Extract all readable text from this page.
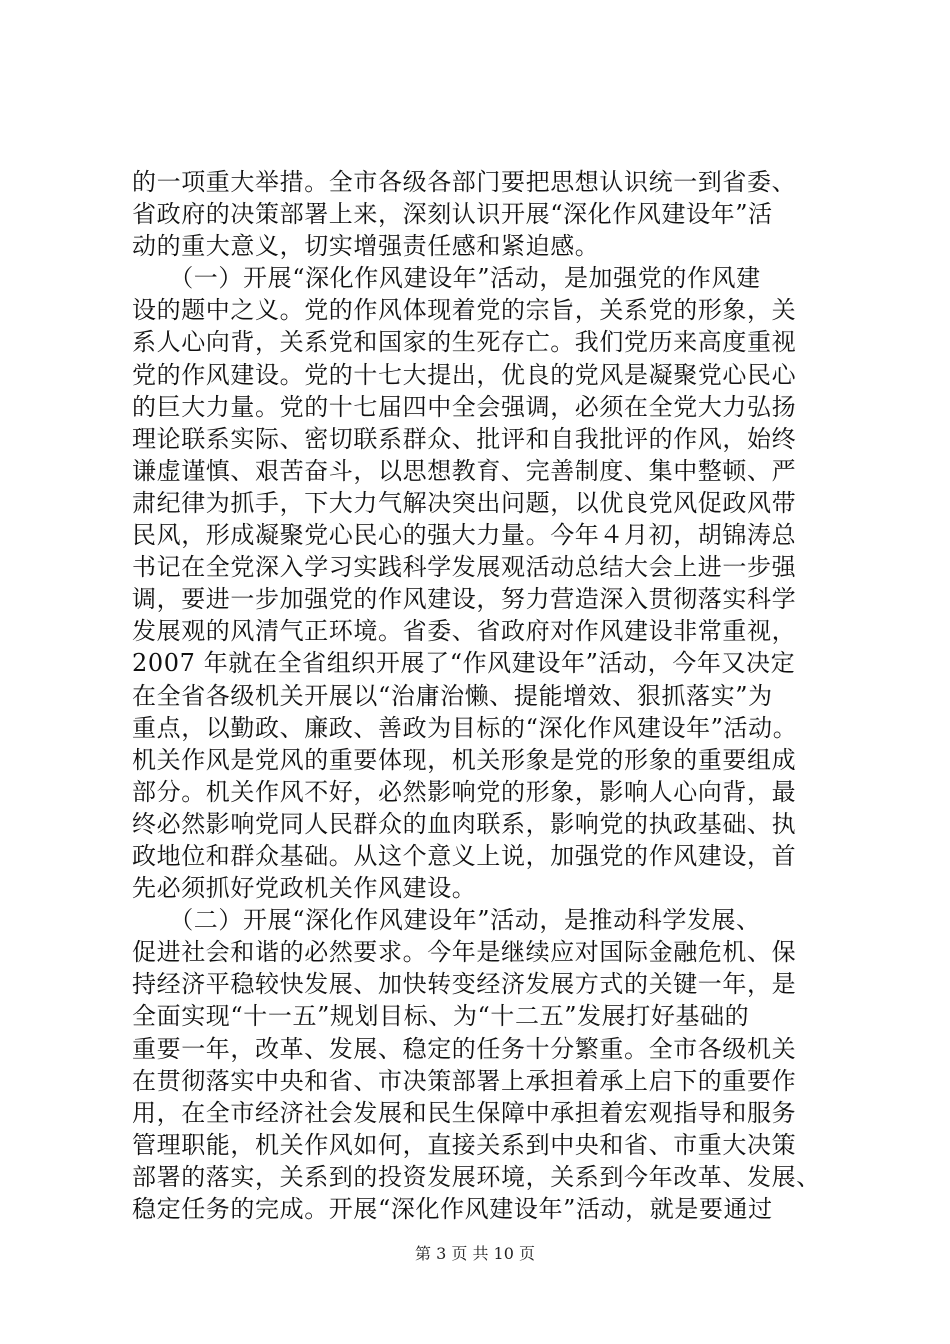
的一项重大举措。全市各级各部门要把思想认识统一到省委、
省政府的决策部署上来，深刻认识开展“深化作风建设年”活
动的重大意义，切实增强责任感和紧迫感。
　　（一）开展“深化作风建设年”活动，是加强党的作风建
设的题中之义。党的作风体现着党的宗旨，关系党的形象，关
系人心向背，关系党和国家的生死存亡。我们党历来高度重视
党的作风建设。党的十七大提出，优良的党风是凝聚党心民心
的巨大力量。党的十七届四中全会强调，必须在全党大力弘扬
理论联系实际、密切联系群众、批评和自我批评的作风，始终
谦虚谨慎、艰苦奋斗，以思想教育、完善制度、集中整顿、严
肃纪律为抓手，下大力气解决突出问题，以优良党风促政风带
民风，形成凝聚党心民心的强大力量。今年４月初，胡锦涛总
书记在全党深入学习实践科学发展观活动总结大会上进一步强
调，要进一步加强党的作风建设，努力营造深入贯彻落实科学
发展观的风清气正环境。省委、省政府对作风建设非常重视，
2007 年就在全省组织开展了“作风建设年”活动，今年又决定
在全省各级机关开展以“治庸治懒、提能增效、狠抓落实”为
重点，以勤政、廉政、善政为目标的“深化作风建设年”活动。
机关作风是党风的重要体现，机关形象是党的形象的重要组成
部分。机关作风不好，必然影响党的形象，影响人心向背，最
终必然影响党同人民群众的血肉联系，影响党的执政基础、执
政地位和群众基础。从这个意义上说，加强党的作风建设，首
先必须抓好党政机关作风建设。
　　（二）开展“深化作风建设年”活动，是推动科学发展、
促进社会和谐的必然要求。今年是继续应对国际金融危机、保
持经济平稳较快发展、加快转变经济发展方式的关键一年，是
全面实现“十一五”规划目标、为“十二五”发展打好基础的
重要一年，改革、发展、稳定的任务十分繁重。全市各级机关
在贯彻落实中央和省、市决策部署上承担着承上启下的重要作
用，在全市经济社会发展和民生保障中承担着宏观指导和服务
管理职能，机关作风如何，直接关系到中央和省、市重大决策
部署的落实，关系到的投资发展环境，关系到今年改革、发展、
稳定任务的完成。开展“深化作风建设年”活动，就是要通过
第 3 页 共 10 页
